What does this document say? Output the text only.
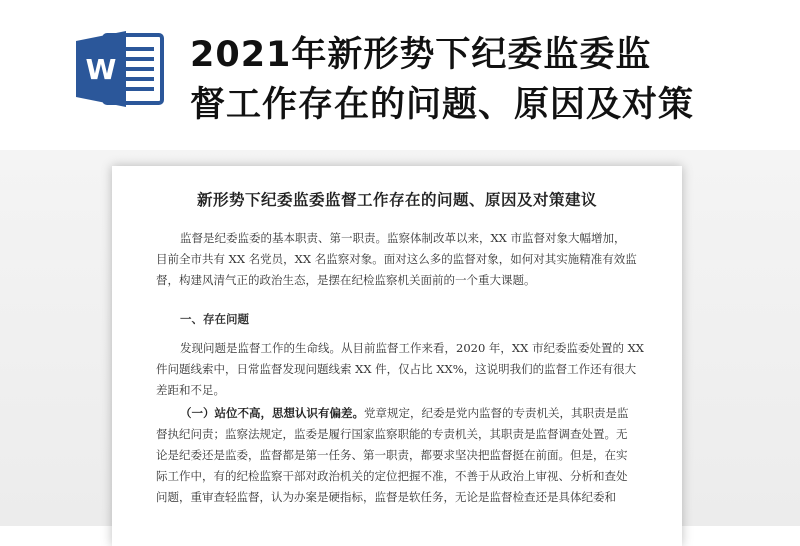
W 2021年新形势下纪委监委监
督工作存在的问题、原因及对策
新形势下纪委监委监督工作存在的问题、原因及对策建议
监督是纪委监委的基本职责、第一职责。监察体制改革以来，XX 市监督对象大幅增加，
目前全市共有 XX 名党员，XX 名监察对象。面对这么多的监督对象，如何对其实施精准有效监
督，构建风清气正的政治生态，是摆在纪检监察机关面前的一个重大课题。
一、存在问题
发现问题是监督工作的生命线。从目前监督工作来看，2020 年，XX 市纪委监委处置的 XX
件问题线索中，日常监督发现问题线索 XX 件，仅占比 XX%，这说明我们的监督工作还有很大
差距和不足。
（一）站位不高，思想认识有偏差。党章规定，纪委是党内监督的专责机关，其职责是监
督执纪问责；监察法规定，监委是履行国家监察职能的专责机关，其职责是监督调查处置。无
论是纪委还是监委，监督都是第一任务、第一职责，都要求坚决把监督挺在前面。但是，在实
际工作中，有的纪检监察干部对政治机关的定位把握不准，不善于从政治上审视、分析和查处
问题，重审查轻监督，认为办案是硬指标，监督是软任务，无论是监督检查还是具体纪委和
